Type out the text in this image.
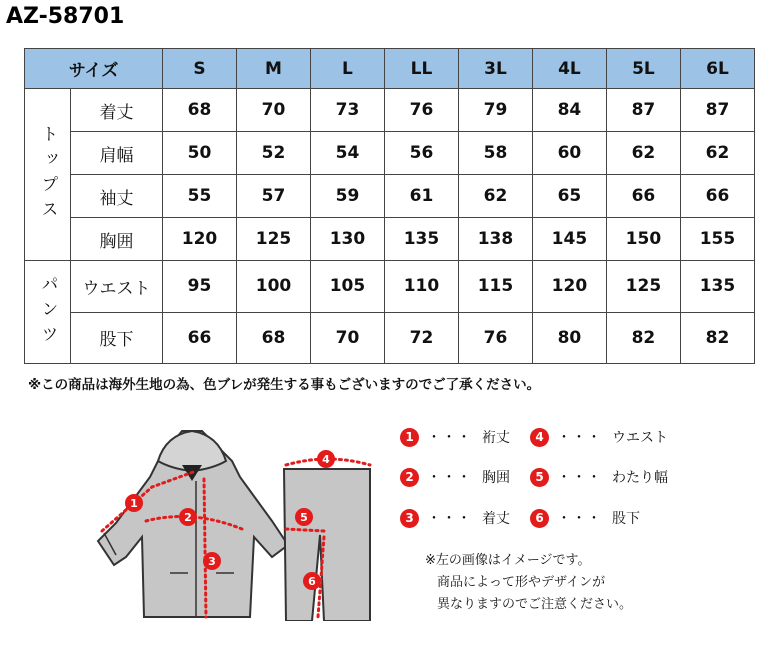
AZ-58701
サイズ		S	M	L	LL	3L	4L	5L	6L
トップス	着丈	68	70	73	76	79	84	87	87
	肩幅	50	52	54	56	58	60	62	62
	袖丈	55	57	59	61	62	65	66	66
	胸囲	120	125	130	135	138	145	150	155
パンツ	ウエスト	95	100	105	110	115	120	125	135
	股下	66	68	70	72	76	80	82	82
※この商品は海外生地の為、色ブレが発生する事もございますのでご了承ください。
1
2
3
4
5
6
1 ・・・ 裄丈
2 ・・・ 胸囲
3 ・・・ 着丈
4 ・・・ ウエスト
5 ・・・ わたり幅
6 ・・・ 股下
※左の画像はイメージです。
商品によって形やデザインが
異なりますのでご注意ください。
